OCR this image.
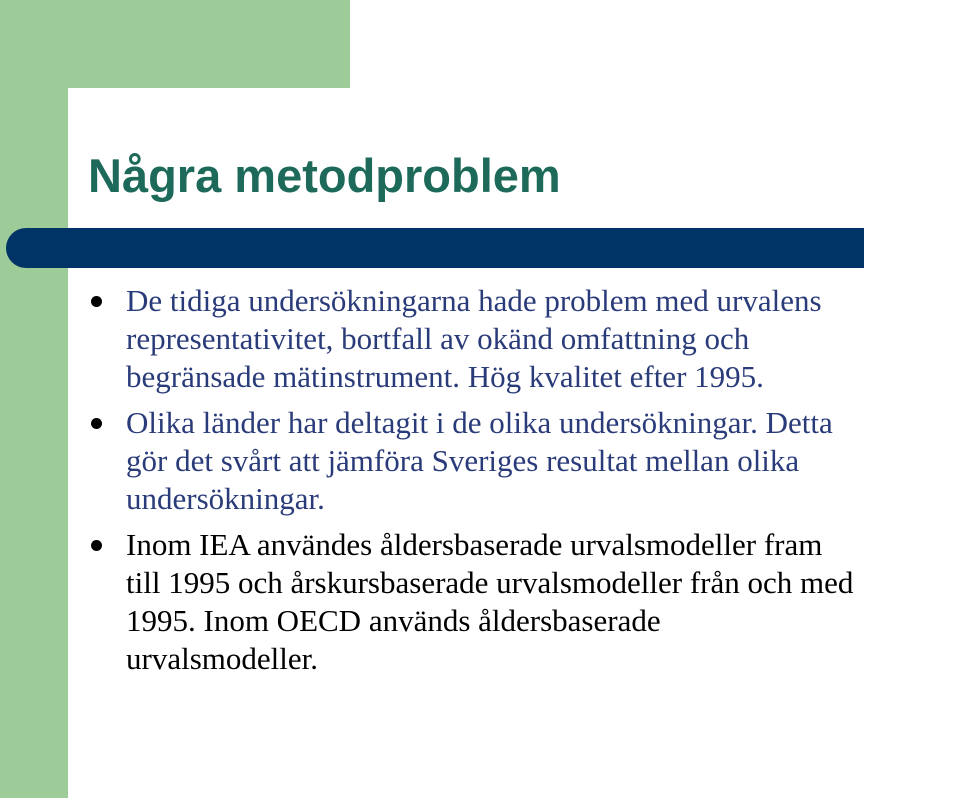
Några metodproblem
De tidiga undersökningarna hade problem med urvalens
representativitet, bortfall av okänd omfattning och
begränsade mätinstrument. Hög kvalitet efter 1995.
Olika länder har deltagit i de olika undersökningar. Detta
gör det svårt att jämföra Sveriges resultat mellan olika
undersökningar.
Inom IEA användes åldersbaserade urvalsmodeller fram
till 1995 och årskursbaserade urvalsmodeller från och med
1995. Inom OECD används åldersbaserade
urvalsmodeller.
